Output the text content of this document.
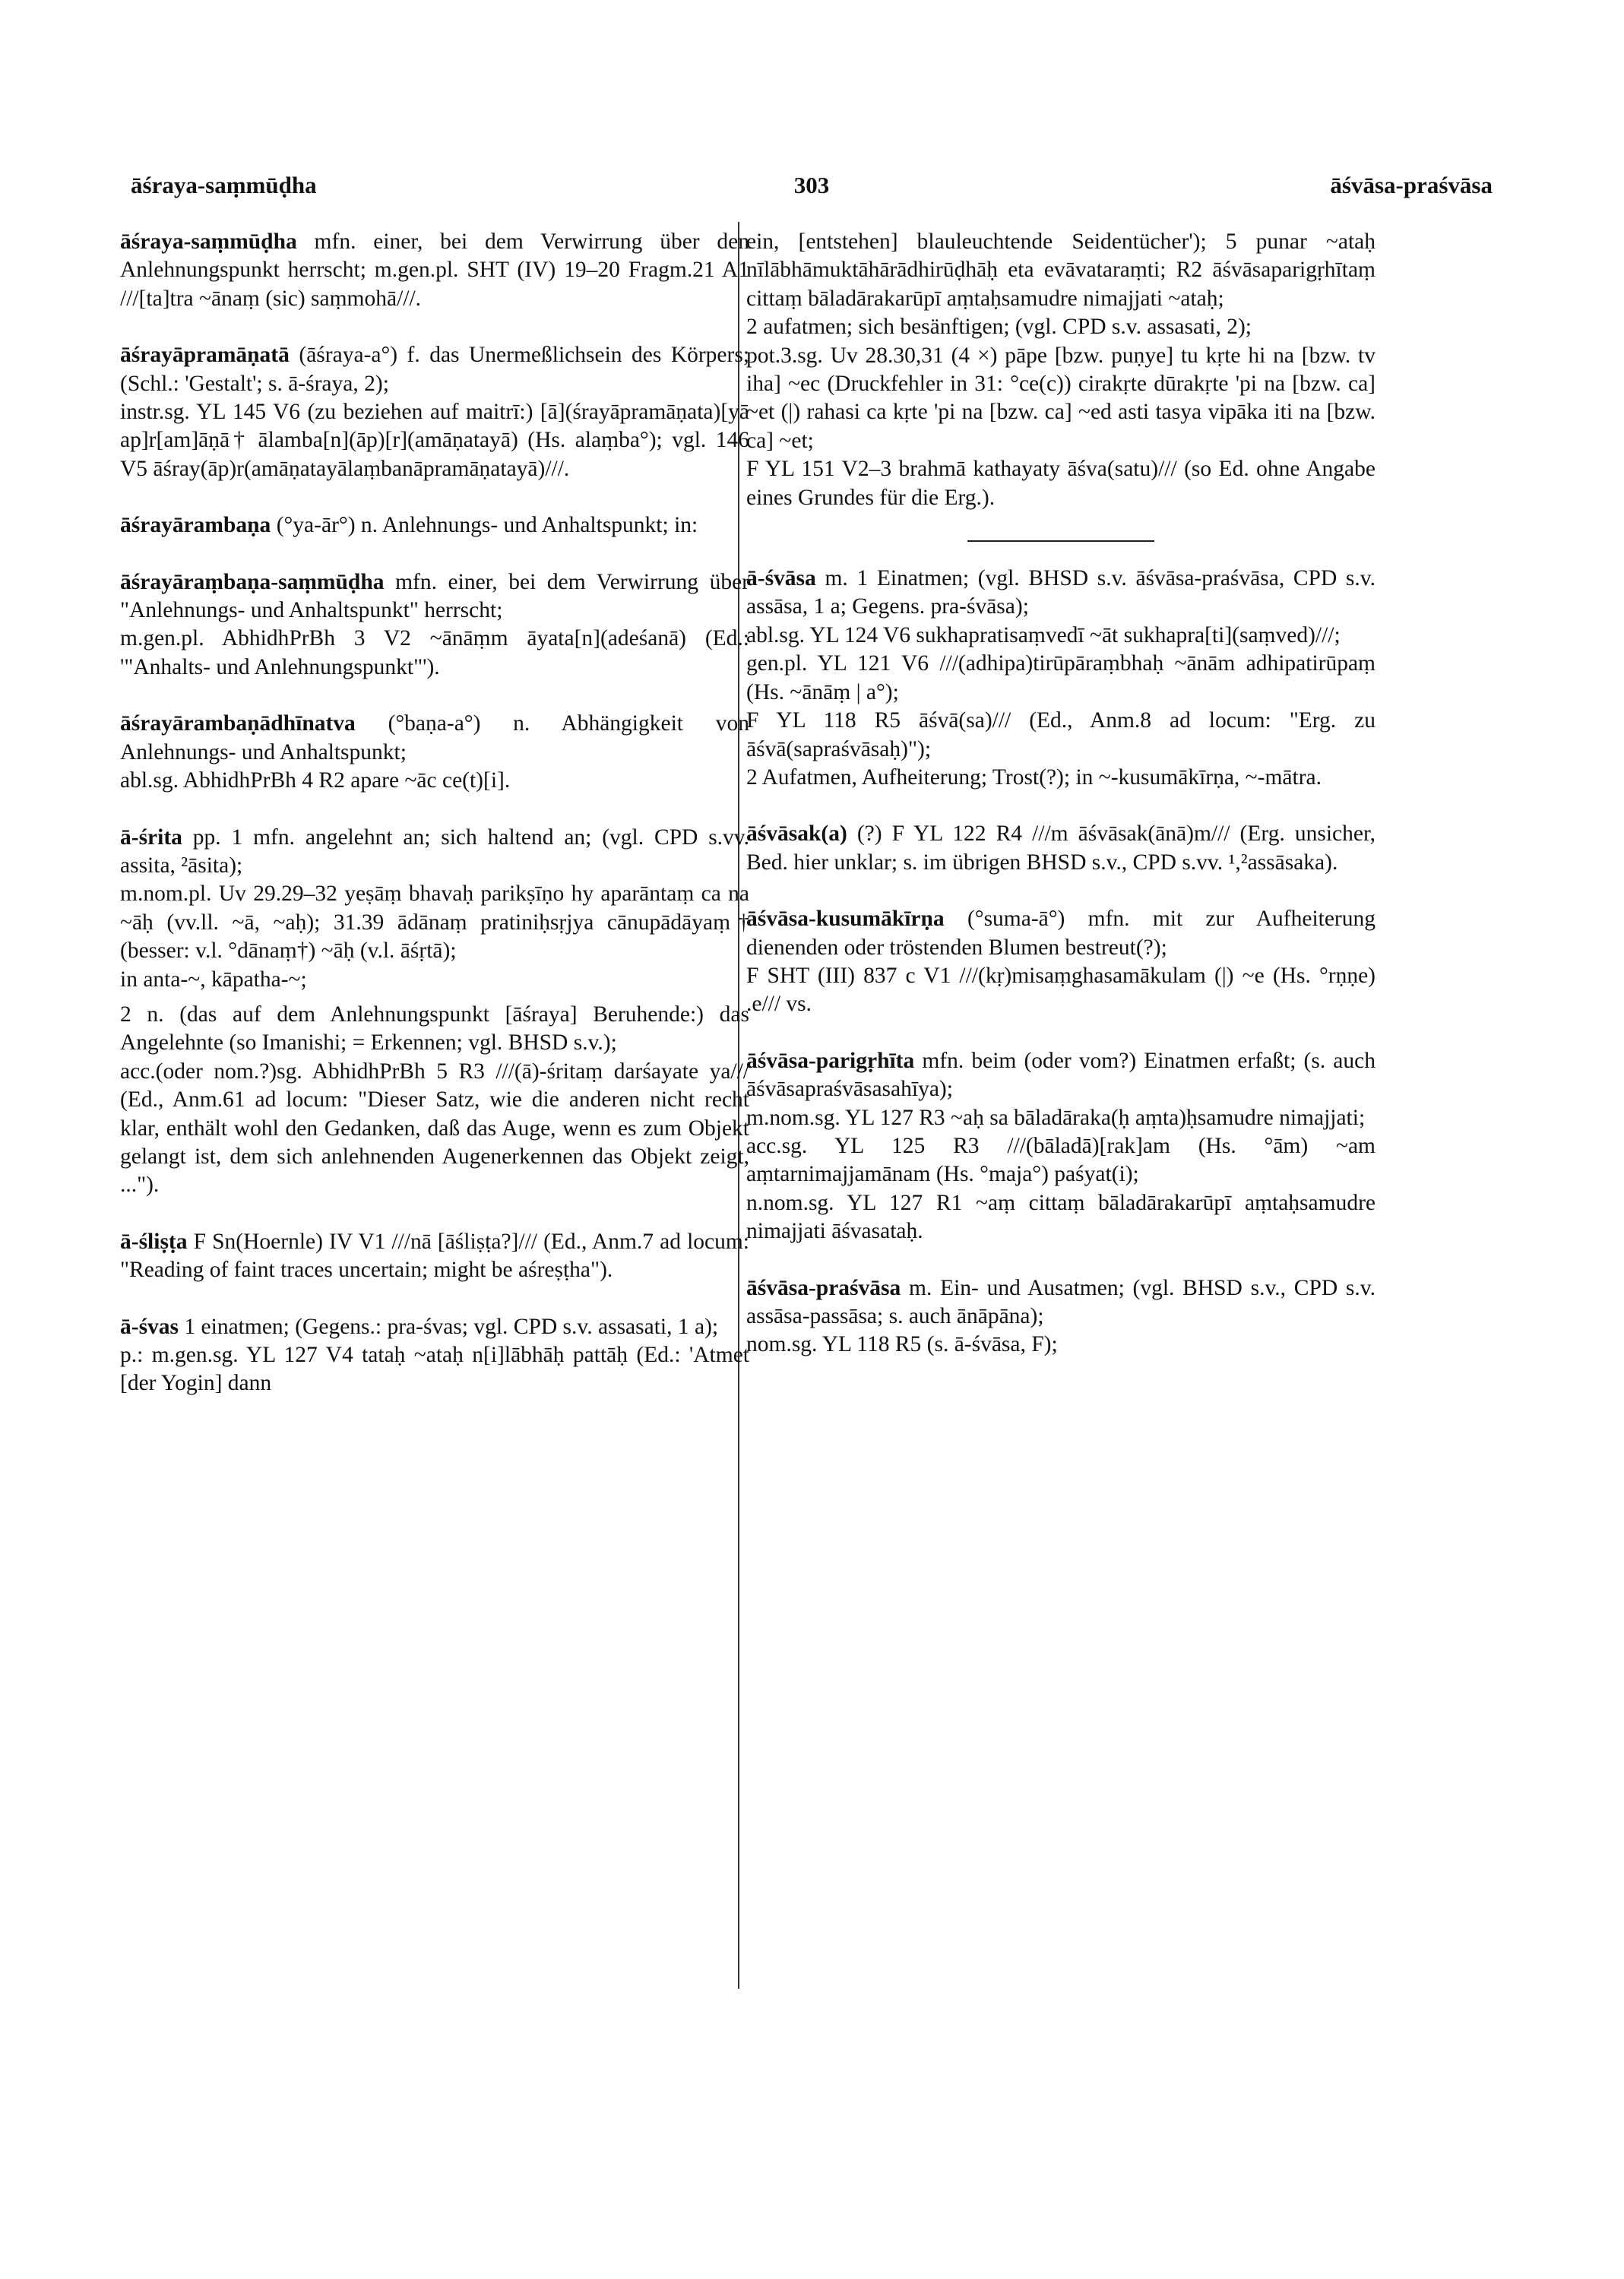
āśraya-saṃmūḍha	303	āśvāsa-praśvāsa

āśraya-saṃmūḍha mfn. einer, bei dem Verwirrung über den Anlehnungspunkt herrscht; m.gen.pl. SHT (IV) 19–20 Fragm.21 A1 ///[ta]tra ~ānaṃ (sic) saṃmohā///.

āśrayāpramāṇatā (āśraya-a°) f. das Unermeßlichsein des Körpers; (Schl.: 'Gestalt'; s. ā-śraya, 2);

instr.sg. YL 145 V6 (zu beziehen auf maitrī:) [ā](śrayāpramāṇata)[yā ap]r[am]āṇā† ālamba[n](āp)[r](amāṇatayā) (Hs. alaṃba°); vgl. 146 V5 āśray(āp)r(amāṇatayālaṃbanāpramāṇatayā)///.

āśrayārambaṇa (°ya-ār°) n. Anlehnungs- und Anhaltspunkt; in:

āśrayāraṃbaṇa-saṃmūḍha mfn. einer, bei dem Verwirrung über "Anlehnungs- und Anhaltspunkt" herrscht;

m.gen.pl. AbhidhPrBh 3 V2 ~ānāṃm āyata[n](adeśanā) (Ed.: '"Anhalts- und Anlehnungspunkt"').

āśrayārambaṇādhīnatva (°baṇa-a°) n. Abhängigkeit von Anlehnungs- und Anhaltspunkt;

abl.sg. AbhidhPrBh 4 R2 apare ~āc ce(t)[i].

ā-śrita pp. 1 mfn. angelehnt an; sich haltend an; (vgl. CPD s.vv. assita, ²āsita);

m.nom.pl. Uv 29.29–32 yeṣāṃ bhavaḥ parikṣīṇo hy aparāntaṃ ca na ~āḥ (vv.ll. ~ā, ~aḥ); 31.39 ādānaṃ pratiniḥsṛjya cānupādāyaṃ† (besser: v.l. °dānaṃ†) ~āḥ (v.l. āśṛtā);

in anta-~, kāpatha-~;

2 n. (das auf dem Anlehnungspunkt [āśraya] Beruhende:) das Angelehnte (so Imanishi; = Erkennen; vgl. BHSD s.v.);

acc.(oder nom.?)sg. AbhidhPrBh 5 R3 ///(ā)-śritaṃ darśayate ya/// (Ed., Anm.61 ad locum: "Dieser Satz, wie die anderen nicht recht klar, enthält wohl den Gedanken, daß das Auge, wenn es zum Objekt gelangt ist, dem sich anlehnenden Augenerkennen das Objekt zeigt, ...").

ā-śliṣṭa F Sn(Hoernle) IV V1 ///nā [āśliṣṭa?]/// (Ed., Anm.7 ad locum: "Reading of faint traces uncertain; might be aśreṣṭha").

ā-śvas 1 einatmen; (Gegens.: pra-śvas; vgl. CPD s.v. assasati, 1 a);

p.: m.gen.sg. YL 127 V4 tataḥ ~ataḥ n[i]lābhāḥ pattāḥ (Ed.: 'Atmet [der Yogin] dann

ein, [entstehen] blauleuchtende Seidentücher'); 5 punar ~ataḥ nīlābhāmuktāhārādhirūḍhāḥ eta evāvataraṃti; R2 āśvāsaparigṛhītaṃ cittaṃ bāladārakarūpī aṃtaḥsamudre nimajjati ~ataḥ;

2 aufatmen; sich besänftigen; (vgl. CPD s.v. assasati, 2);

pot.3.sg. Uv 28.30,31 (4 ×) pāpe [bzw. puṇye] tu kṛte hi na [bzw. tv iha] ~ec (Druckfehler in 31: °ce(c)) cirakṛte dūrakṛte 'pi na [bzw. ca] ~et (|) rahasi ca kṛte 'pi na [bzw. ca] ~ed asti tasya vipāka iti na [bzw. ca] ~et;

F YL 151 V2–3 brahmā kathayaty āśva(satu)/// (so Ed. ohne Angabe eines Grundes für die Erg.).

ā-śvāsa m. 1 Einatmen; (vgl. BHSD s.v. āśvāsa-praśvāsa, CPD s.v. assāsa, 1 a; Gegens. pra-śvāsa);

abl.sg. YL 124 V6 sukhapratisaṃvedī ~āt sukhapra[ti](saṃved)///;

gen.pl. YL 121 V6 ///(adhipa)tirūpāraṃbhaḥ ~ānām adhipatirūpaṃ (Hs. ~ānāṃ | a°);

F YL 118 R5 āśvā(sa)/// (Ed., Anm.8 ad locum: "Erg. zu āśvā(sapraśvāsaḥ)");

2 Aufatmen, Aufheiterung; Trost(?); in ~-kusumākīrṇa, ~-mātra.

āśvāsak(a) (?) F YL 122 R4 ///m āśvāsak(ānā)m/// (Erg. unsicher, Bed. hier unklar; s. im übrigen BHSD s.v., CPD s.vv. ¹,²assāsaka).

āśvāsa-kusumākīrṇa (°suma-ā°) mfn. mit zur Aufheiterung dienenden oder tröstenden Blumen bestreut(?);

F SHT (III) 837 c V1 ///(kṛ)misaṃghasamākulam (|) ~e (Hs. °rṇṇe) .e/// vs.

āśvāsa-parigṛhīta mfn. beim (oder vom?) Einatmen erfaßt; (s. auch āśvāsapraśvāsasahīya);

m.nom.sg. YL 127 R3 ~aḥ sa bāladāraka(ḥ aṃta)ḥsamudre nimajjati;

acc.sg. YL 125 R3 ///(bāladā)[rak]am (Hs. °ām) ~am aṃtarnimajjamānam (Hs. °maja°) paśyat(i);

n.nom.sg. YL 127 R1 ~aṃ cittaṃ bāladārakarūpī aṃtaḥsamudre nimajjati āśvasataḥ.

āśvāsa-praśvāsa m. Ein- und Ausatmen; (vgl. BHSD s.v., CPD s.v. assāsa-passāsa; s. auch ānāpāna);

nom.sg. YL 118 R5 (s. ā-śvāsa, F);
